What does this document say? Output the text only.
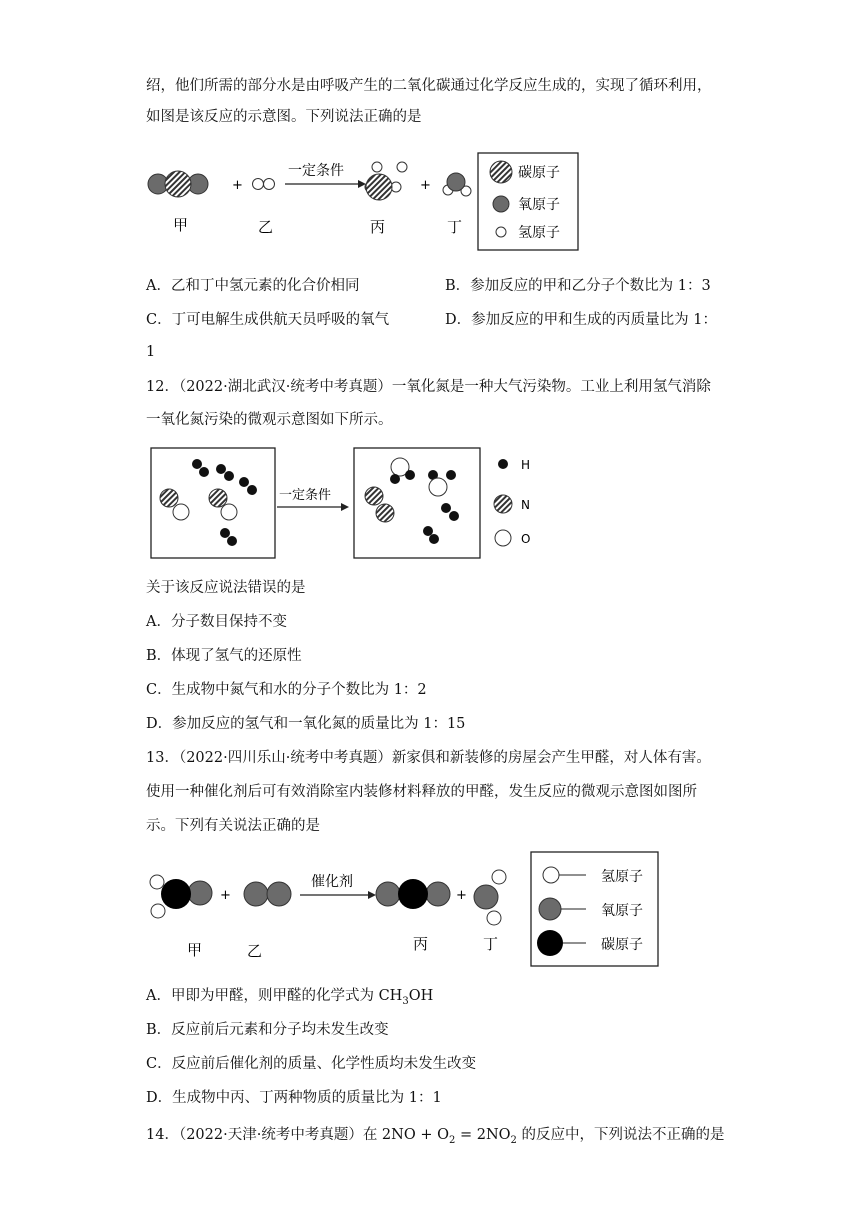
绍，他们所需的部分水是由呼吸产生的二氧化碳通过化学反应生成的，实现了循环利用，
如图是该反应的示意图。下列说法正确的是
+
一定条件
+
甲	乙	丙	丁
碳原子
氧原子
氢原子
A．乙和丁中氢元素的化合价相同	B．参加反应的甲和乙分子个数比为 1：3
C．丁可电解生成供航天员呼吸的氧气	D．参加反应的甲和生成的丙质量比为 1：
1
12．（2022·湖北武汉·统考中考真题）一氧化氮是一种大气污染物。工业上利用氢气消除
一氧化氮污染的微观示意图如下所示。
一定条件
H
N
O
关于该反应说法错误的是
A．分子数目保持不变
B．体现了氢气的还原性
C．生成物中氮气和水的分子个数比为 1：2
D．参加反应的氢气和一氧化氮的质量比为 1：15
13．（2022·四川乐山·统考中考真题）新家俱和新装修的房屋会产生甲醛，对人体有害。
使用一种催化剂后可有效消除室内装修材料释放的甲醛，发生反应的微观示意图如图所
示。下列有关说法正确的是
+
催化剂
+
甲	乙	丙	丁
氢原子
氧原子
碳原子
A．甲即为甲醛，则甲醛的化学式为 $CH_3OH$
B．反应前后元素和分子均未发生改变
C．反应前后催化剂的质量、化学性质均未发生改变
D．生成物中丙、丁两种物质的质量比为 1：1
14．（2022·天津·统考中考真题）在 $2NO + O_2 = 2NO_2$ 的反应中，下列说法不正确的是
